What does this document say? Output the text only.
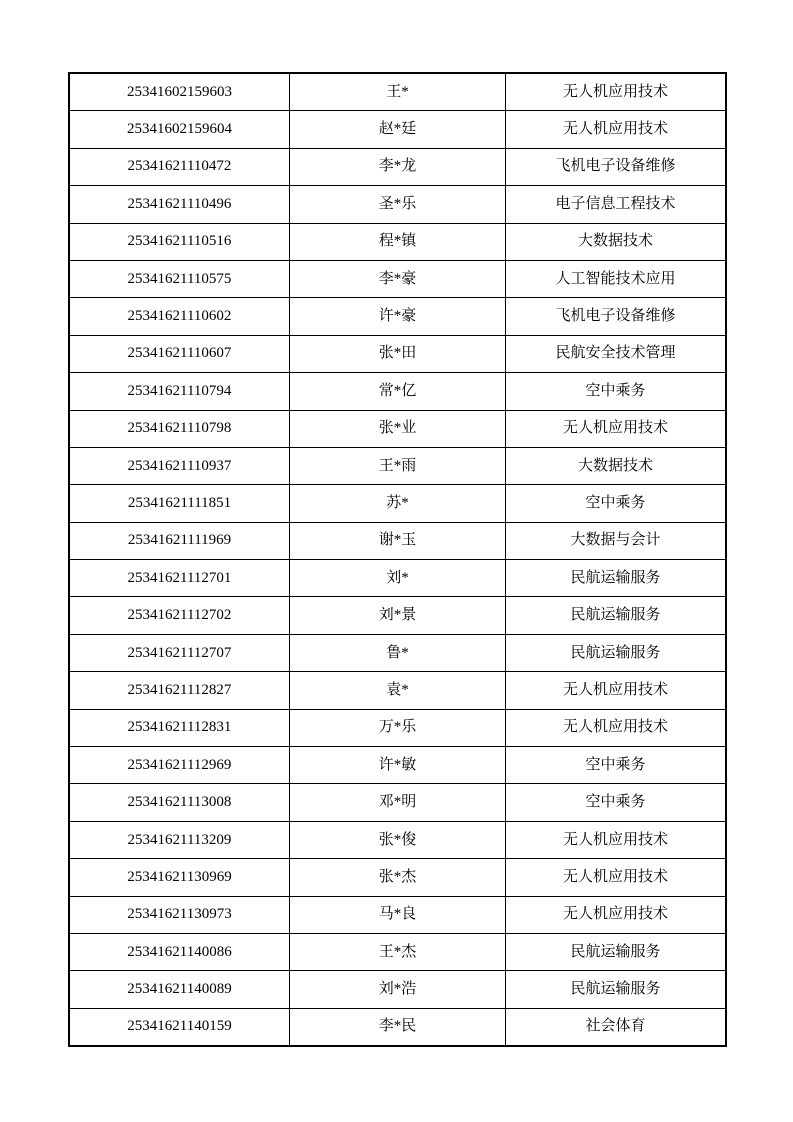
25341602159603	王*	无人机应用技术
25341602159604	赵*廷	无人机应用技术
25341621110472	李*龙	飞机电子设备维修
25341621110496	圣*乐	电子信息工程技术
25341621110516	程*镇	大数据技术
25341621110575	李*豪	人工智能技术应用
25341621110602	许*豪	飞机电子设备维修
25341621110607	张*田	民航安全技术管理
25341621110794	常*亿	空中乘务
25341621110798	张*业	无人机应用技术
25341621110937	王*雨	大数据技术
25341621111851	苏*	空中乘务
25341621111969	谢*玉	大数据与会计
25341621112701	刘*	民航运输服务
25341621112702	刘*景	民航运输服务
25341621112707	鲁*	民航运输服务
25341621112827	袁*	无人机应用技术
25341621112831	万*乐	无人机应用技术
25341621112969	许*敏	空中乘务
25341621113008	邓*明	空中乘务
25341621113209	张*俊	无人机应用技术
25341621130969	张*杰	无人机应用技术
25341621130973	马*良	无人机应用技术
25341621140086	王*杰	民航运输服务
25341621140089	刘*浩	民航运输服务
25341621140159	李*民	社会体育
